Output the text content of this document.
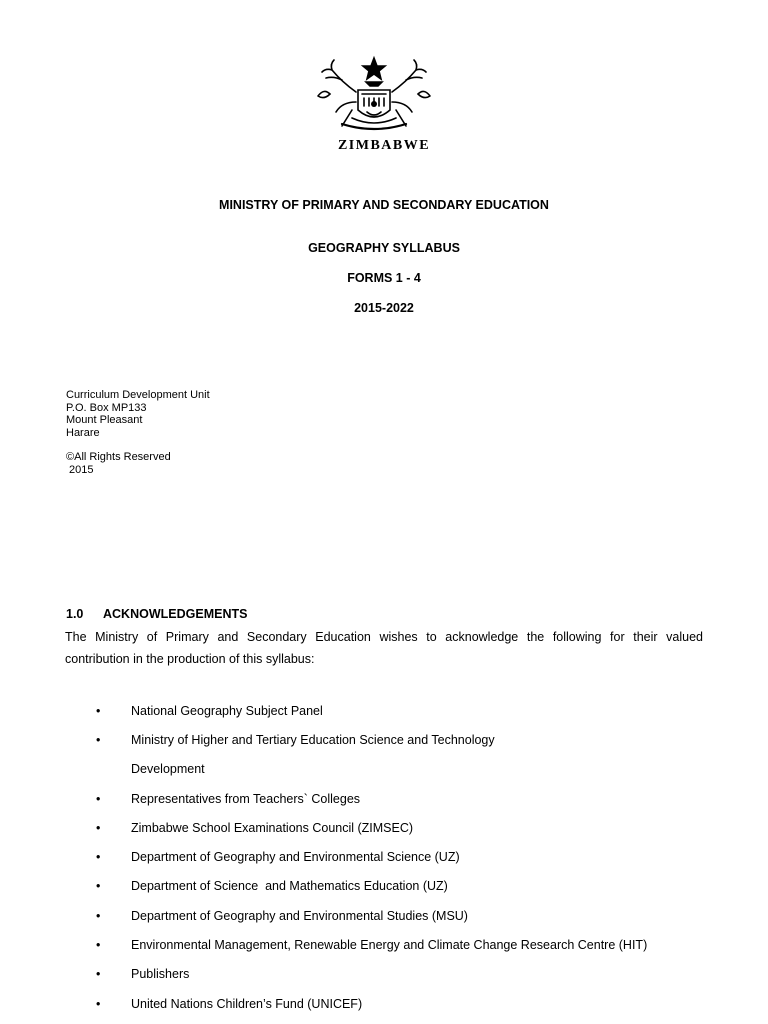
ZIMBABWE
MINISTRY OF PRIMARY AND SECONDARY EDUCATION
GEOGRAPHY SYLLABUS
FORMS 1 - 4
2015-2022
Curriculum Development Unit
P.O. Box MP133
Mount Pleasant
Harare
©All Rights Reserved
2015
1.0 ACKNOWLEDGEMENTS
The Ministry of Primary and Secondary Education wishes to acknowledge the following for their valued
contribution in the production of this syllabus:
• National Geography Subject Panel
• Ministry of Higher and Tertiary Education Science and Technology
Development
• Representatives from Teachers` Colleges
• Zimbabwe School Examinations Council (ZIMSEC)
• Department of Geography and Environmental Science (UZ)
• Department of Science  and Mathematics Education (UZ)
• Department of Geography and Environmental Studies (MSU)
• Environmental Management, Renewable Energy and Climate Change Research Centre (HIT)
• Publishers
• United Nations Children’s Fund (UNICEF)
